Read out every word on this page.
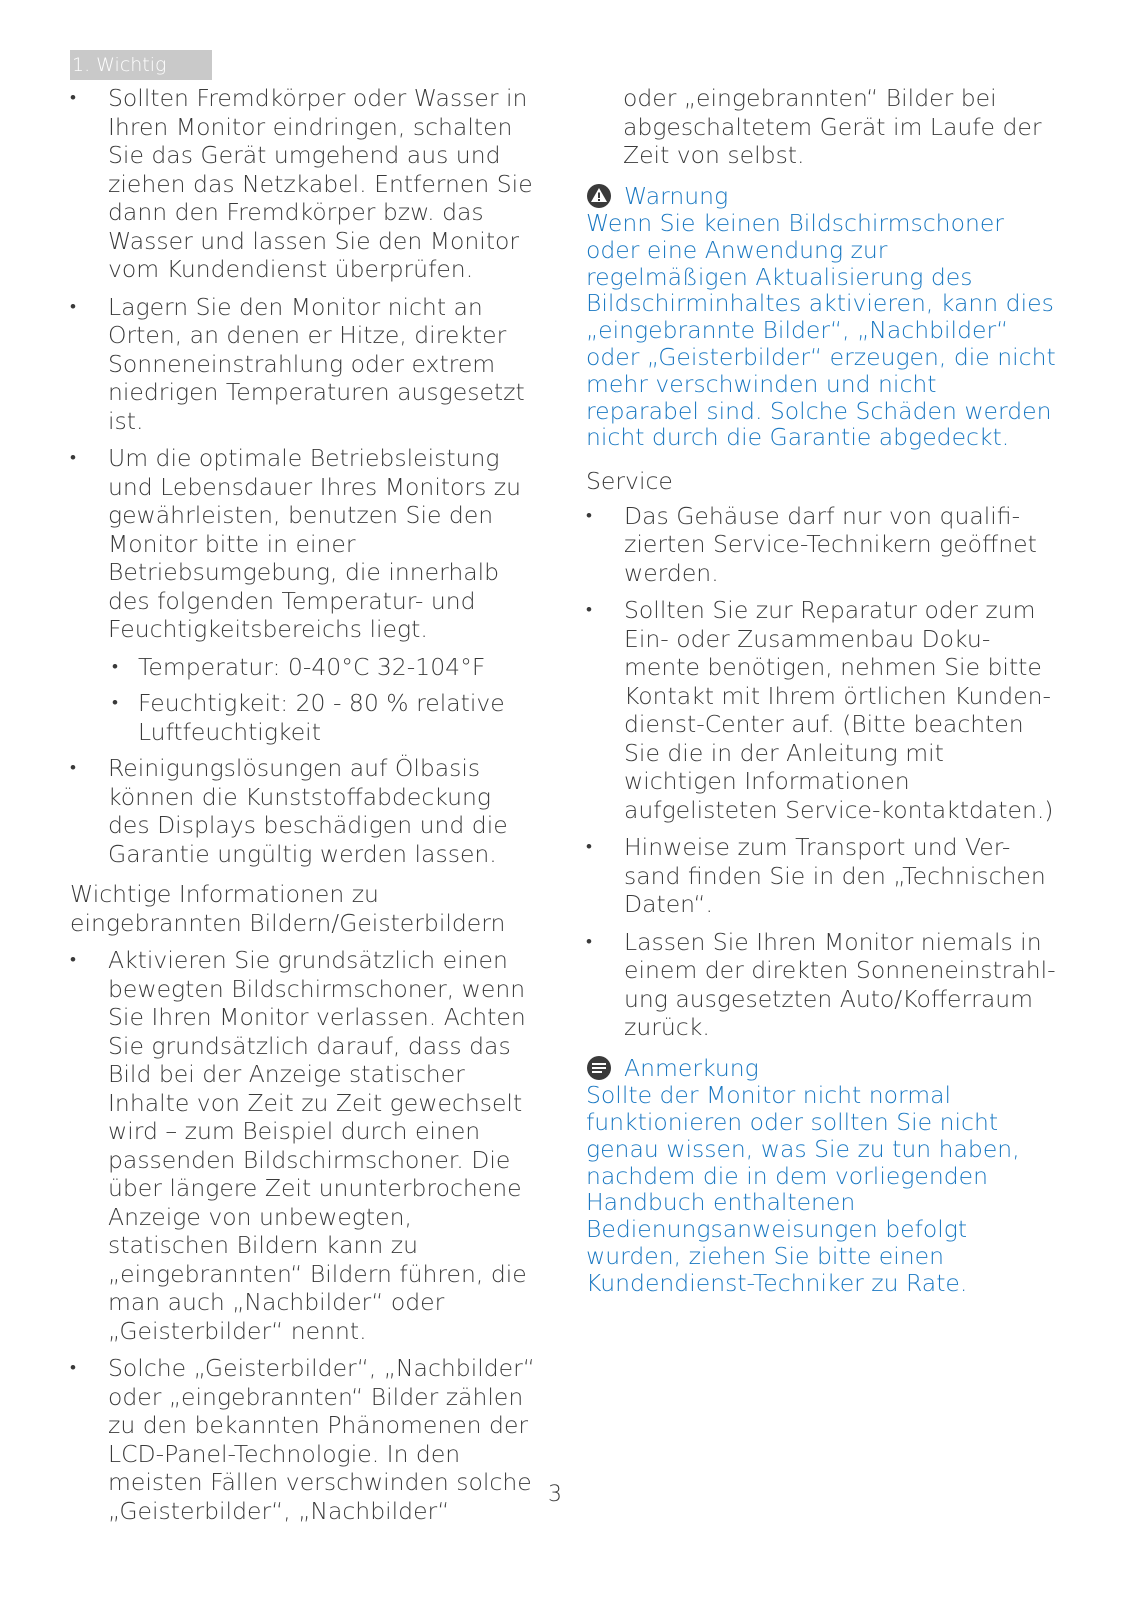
1. Wichtig
• Sollten Fremdkörper oder Wasser in Ihren Monitor eindringen, schalten Sie das Gerät umgehend aus und ziehen das Netzkabel. Entfernen Sie dann den Fremdkörper bzw. das Wasser und lassen Sie den Monitor vom Kundendienst überprüfen.
• Lagern Sie den Monitor nicht an Orten, an denen er Hitze, direkter Sonneneinstrahlung oder extrem niedrigen Temperaturen ausgesetzt ist.
• Um die optimale Betriebsleistung und Lebensdauer Ihres Monitors zu gewährleisten, benutzen Sie den Monitor bitte in einer Betriebsumgebung, die innerhalb des folgenden Temperatur- und Feuchtigkeitsbereichs liegt.
• Temperatur: 0-40°C 32-104°F
• Feuchtigkeit: 20 - 80 % relative Luftfeuchtigkeit
• Reinigungslösungen auf Ölbasis können die Kunststoffabdeckung des Displays beschädigen und die Garantie ungültig werden lassen.
Wichtige Informationen zu eingebrannten Bildern/Geisterbildern
• Aktivieren Sie grundsätzlich einen bewegten Bildschirmschoner, wenn Sie Ihren Monitor verlassen. Achten Sie grundsätzlich darauf, dass das Bild bei der Anzeige statischer Inhalte von Zeit zu Zeit gewechselt wird – zum Beispiel durch einen passenden Bildschirmschoner. Die über längere Zeit ununterbrochene Anzeige von unbewegten, statischen Bildern kann zu „eingebrannten“ Bildern führen, die man auch „Nachbilder“ oder „Geisterbilder“ nennt.
• Solche „Geisterbilder“, „Nachbilder“ oder „eingebrannten“ Bilder zählen zu den bekannten Phänomenen der LCD-Panel-Technologie. In den meisten Fällen verschwinden solche „Geisterbilder“, „Nachbilder“
oder „eingebrannten“ Bilder bei abgeschaltetem Gerät im Laufe der Zeit von selbst.
Warnung
Wenn Sie keinen Bildschirmschoner oder eine Anwendung zur regelmäßigen Aktualisierung des Bildschirminhaltes aktivieren, kann dies „eingebrannte Bilder“, „Nachbilder“ oder „Geisterbilder“ erzeugen, die nicht mehr verschwinden und nicht reparabel sind. Solche Schäden werden nicht durch die Garantie abgedeckt.
Service
• Das Gehäuse darf nur von qualifi-zierten Service-Technikern geöffnet werden.
• Sollten Sie zur Reparatur oder zum Ein- oder Zusammenbau Doku-mente benötigen, nehmen Sie bitte Kontakt mit Ihrem örtlichen Kunden-dienst-Center auf. (Bitte beachten Sie die in der Anleitung mit wichtigen Informationen aufgelisteten Service-kontaktdaten.)
• Hinweise zum Transport und Ver-sand finden Sie in den „Technischen Daten“.
• Lassen Sie Ihren Monitor niemals in einem der direkten Sonneneinstrahl-ung ausgesetzten Auto/Kofferraum zurück.
Anmerkung
Sollte der Monitor nicht normal funktionieren oder sollten Sie nicht genau wissen, was Sie zu tun haben, nachdem die in dem vorliegenden Handbuch enthaltenen Bedienungsanweisungen befolgt wurden, ziehen Sie bitte einen Kundendienst-Techniker zu Rate.
3
